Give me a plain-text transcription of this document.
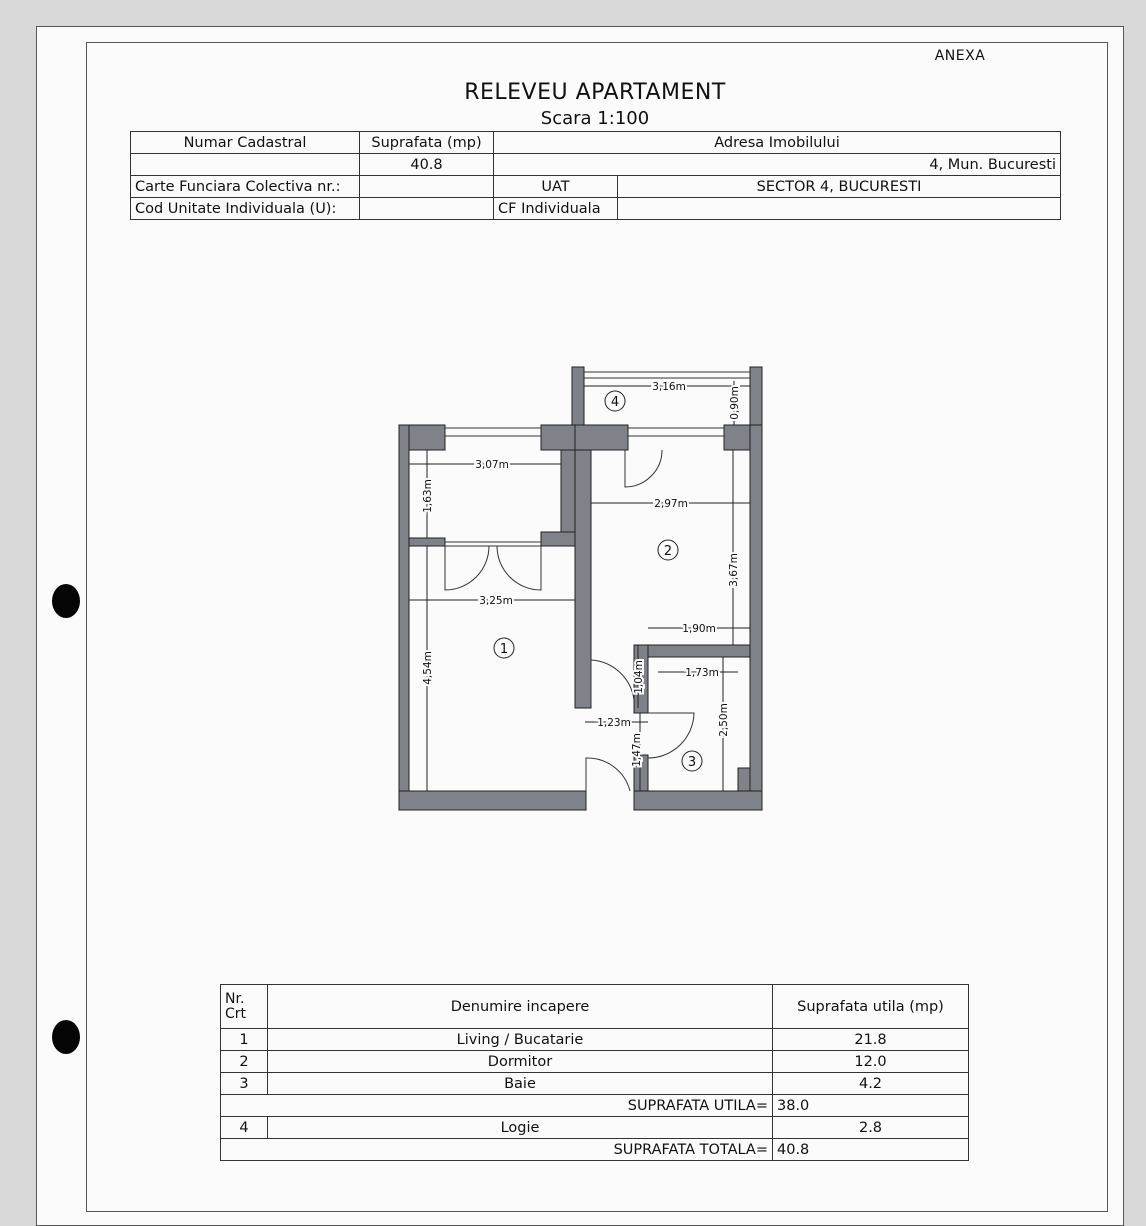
ANEXA
RELEVEU APARTAMENT
Scara 1:100
Numar Cadastral	Suprafata (mp)	Adresa Imobilului	
	40.8	4, Mun. Bucuresti	
Carte Funciara Colectiva nr.:		UAT	SECTOR 4, BUCURESTI
Cod Unitate Individuala (U):		CF Individuala	
3,16m	0,90m
3,07m
1,63m	2,97m
3,67m
3,25m
1,90m
4,54m	1,04m	1,73m
1,23m	2,50m
1,47m
1
2
3
4
Nr.
Crt	Denumire incapere	Suprafata utila (mp)
1	Living / Bucatarie	21.8
2	Dormitor	12.0
3	Baie	4.2
SUPRAFATA UTILA=		38.0
4	Logie	2.8
SUPRAFATA TOTALA=		40.8
